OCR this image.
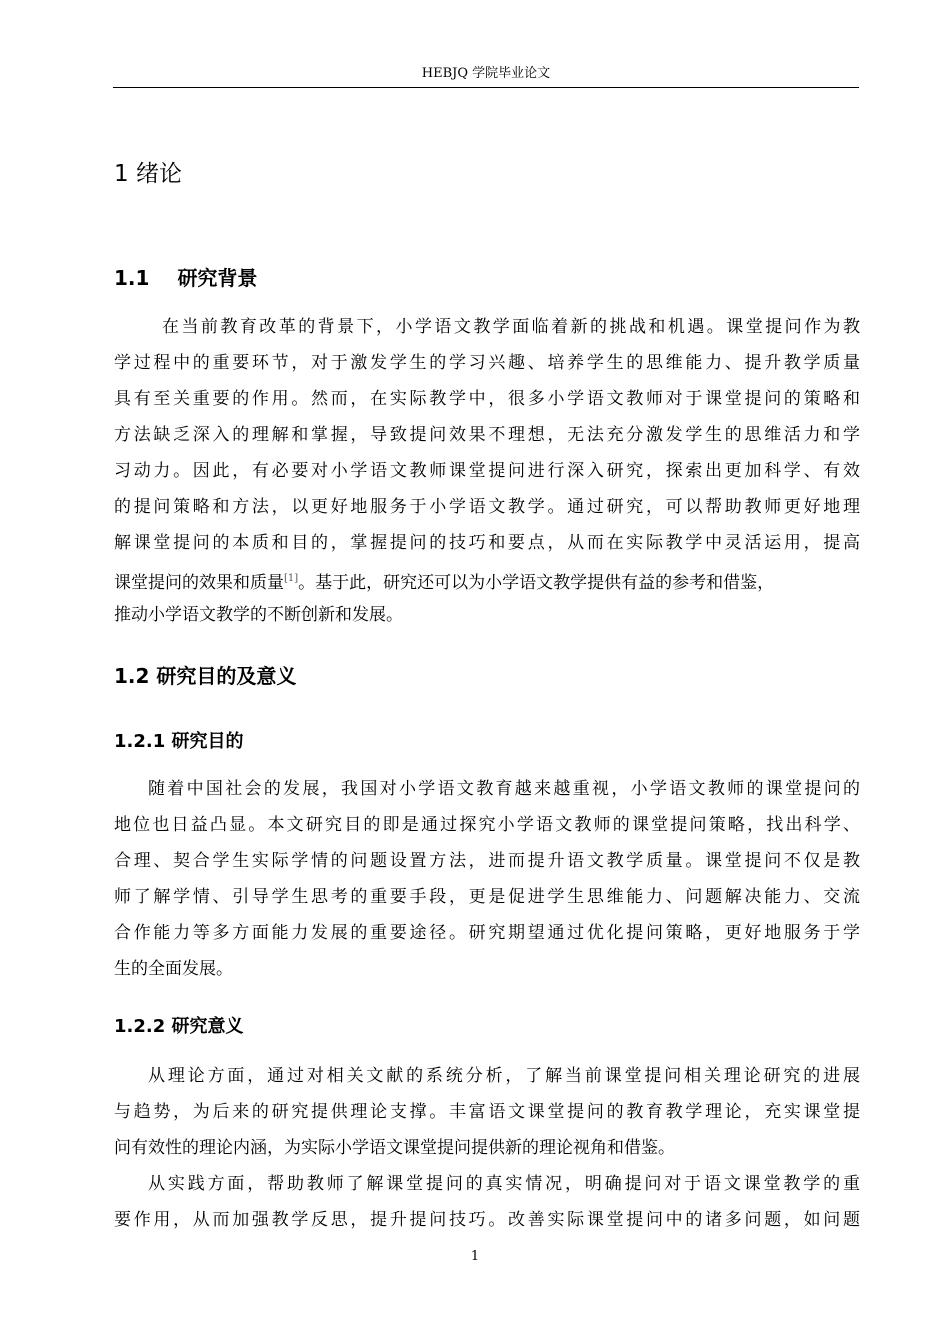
HEBJQ 学院毕业论文
1 绪论
1.1 研究背景
在当前教育改革的背景下，小学语文教学面临着新的挑战和机遇。课堂提问作为教
学过程中的重要环节，对于激发学生的学习兴趣、培养学生的思维能力、提升教学质量
具有至关重要的作用。然而，在实际教学中，很多小学语文教师对于课堂提问的策略和
方法缺乏深入的理解和掌握，导致提问效果不理想，无法充分激发学生的思维活力和学
习动力。因此，有必要对小学语文教师课堂提问进行深入研究，探索出更加科学、有效
的提问策略和方法，以更好地服务于小学语文教学。通过研究，可以帮助教师更好地理
解课堂提问的本质和目的，掌握提问的技巧和要点，从而在实际教学中灵活运用，提高
课堂提问的效果和质量[1]。基于此，研究还可以为小学语文教学提供有益的参考和借鉴，
推动小学语文教学的不断创新和发展。
1.2 研究目的及意义
1.2.1 研究目的
随着中国社会的发展，我国对小学语文教育越来越重视，小学语文教师的课堂提问的
地位也日益凸显。本文研究目的即是通过探究小学语文教师的课堂提问策略，找出科学、
合理、契合学生实际学情的问题设置方法，进而提升语文教学质量。课堂提问不仅是教
师了解学情、引导学生思考的重要手段，更是促进学生思维能力、问题解决能力、交流
合作能力等多方面能力发展的重要途径。研究期望通过优化提问策略，更好地服务于学
生的全面发展。
1.2.2 研究意义
从理论方面，通过对相关文献的系统分析，了解当前课堂提问相关理论研究的进展
与趋势，为后来的研究提供理论支撑。丰富语文课堂提问的教育教学理论，充实课堂提
问有效性的理论内涵，为实际小学语文课堂提问提供新的理论视角和借鉴。
从实践方面，帮助教师了解课堂提问的真实情况，明确提问对于语文课堂教学的重
要作用，从而加强教学反思，提升提问技巧。改善实际课堂提问中的诸多问题，如问题
1
